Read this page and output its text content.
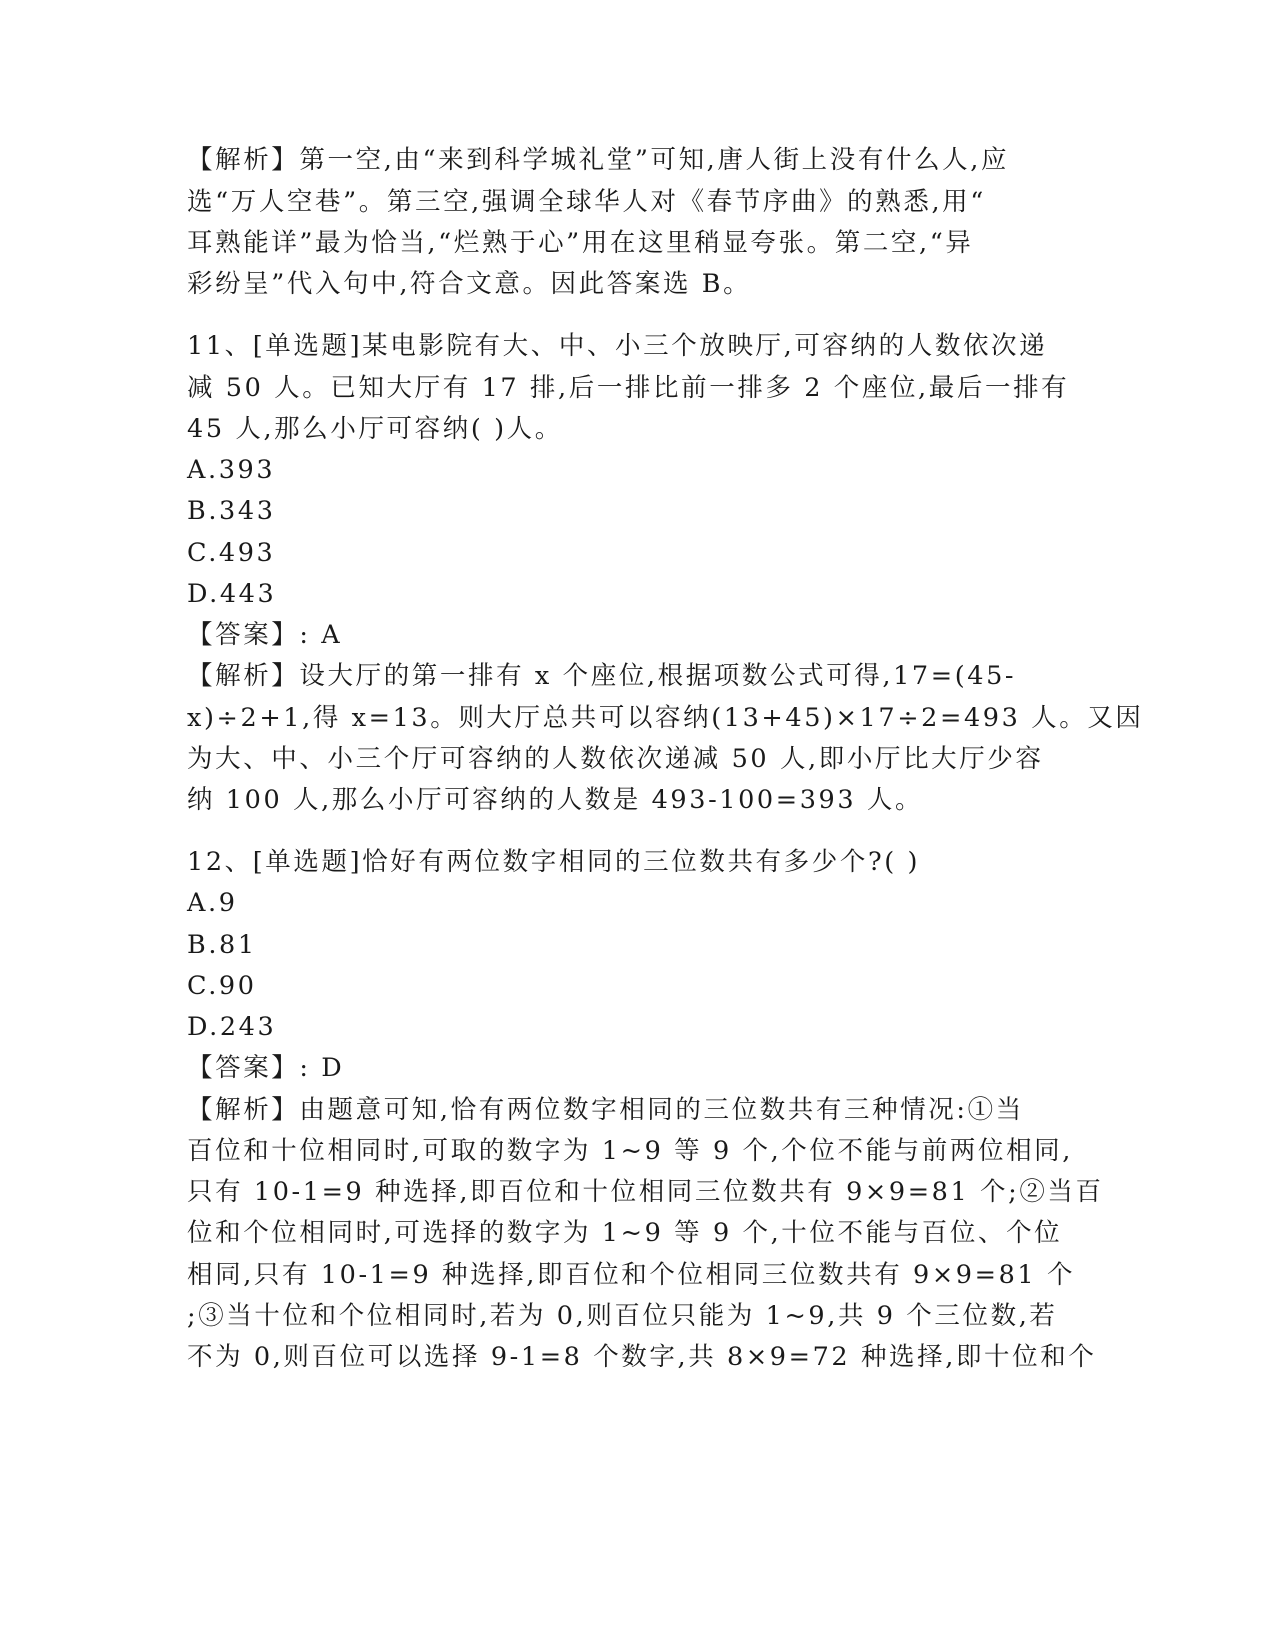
【解析】第一空,由“来到科学城礼堂”可知,唐人街上没有什么人,应
选“万人空巷”。第三空,强调全球华人对《春节序曲》的熟悉,用“
耳熟能详”最为恰当,“烂熟于心”用在这里稍显夸张。第二空,“异
彩纷呈”代入句中,符合文意。因此答案选 B。
11、[单选题]某电影院有大、中、小三个放映厅,可容纳的人数依次递
减 50 人。已知大厅有 17 排,后一排比前一排多 2 个座位,最后一排有
45 人,那么小厅可容纳( )人。
A.393
B.343
C.493
D.443
【答案】: A
【解析】设大厅的第一排有 x 个座位,根据项数公式可得,17=(45-
x)÷2+1,得 x=13。则大厅总共可以容纳(13+45)×17÷2=493 人。又因
为大、中、小三个厅可容纳的人数依次递减 50 人,即小厅比大厅少容
纳 100 人,那么小厅可容纳的人数是 493-100=393 人。
12、[单选题]恰好有两位数字相同的三位数共有多少个?( )
A.9
B.81
C.90
D.243
【答案】: D
【解析】由题意可知,恰有两位数字相同的三位数共有三种情况:①当
百位和十位相同时,可取的数字为 1~9 等 9 个,个位不能与前两位相同,
只有 10-1=9 种选择,即百位和十位相同三位数共有 9×9=81 个;②当百
位和个位相同时,可选择的数字为 1~9 等 9 个,十位不能与百位、个位
相同,只有 10-1=9 种选择,即百位和个位相同三位数共有 9×9=81 个
;③当十位和个位相同时,若为 0,则百位只能为 1~9,共 9 个三位数,若
不为 0,则百位可以选择 9-1=8 个数字,共 8×9=72 种选择,即十位和个
